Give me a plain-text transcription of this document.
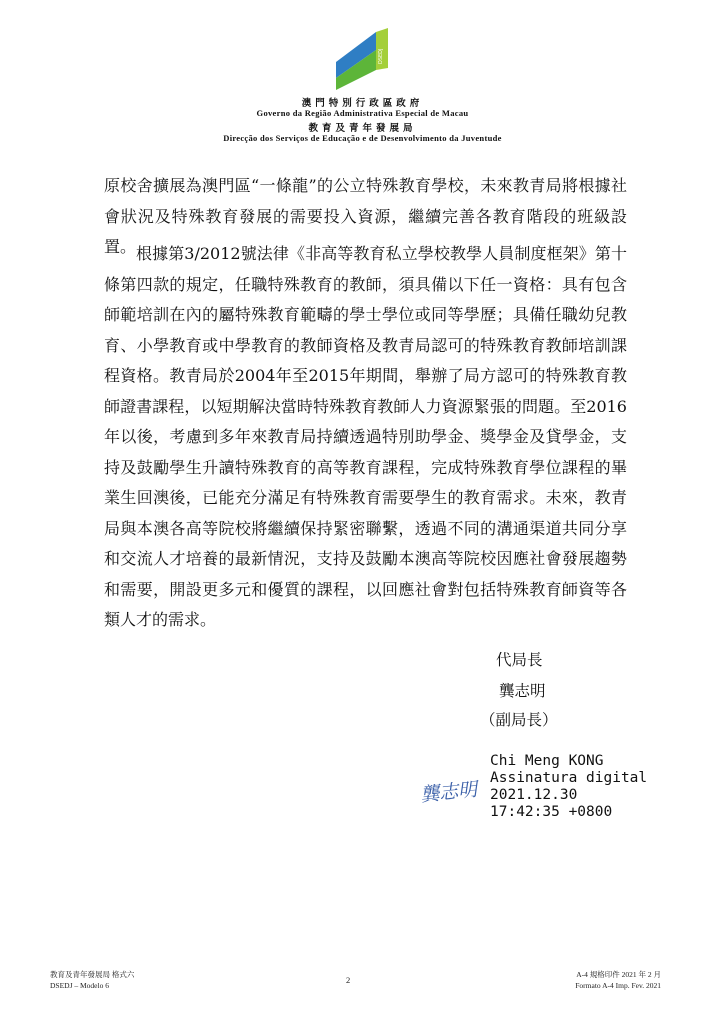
DSEDJ
澳門特別行政區政府
Governo da Região Administrativa Especial de Macau
教育及青年發展局
Direcção dos Serviços de Educação e de Desenvolvimento da Juventude
原校舍擴展為澳門區“一條龍”的公立特殊教育學校，未來教青局將根據社會狀況及特殊教育發展的需要投入資源，繼續完善各教育階段的班級設置。 根據第3/2012號法律《非高等教育私立學校教學人員制度框架》第十條第四款的規定，任職特殊教育的教師，須具備以下任一資格：具有包含師範培訓在內的屬特殊教育範疇的學士學位或同等學歷；具備任職幼兒教育、小學教育或中學教育的教師資格及教青局認可的特殊教育教師培訓課程資格。教青局於2004年至2015年期間，舉辦了局方認可的特殊教育教師證書課程，以短期解決當時特殊教育教師人力資源緊張的問題。至2016年以後，考慮到多年來教青局持續透過特別助學金、獎學金及貸學金，支持及鼓勵學生升讀特殊教育的高等教育課程，完成特殊教育學位課程的畢業生回澳後，已能充分滿足有特殊教育需要學生的教育需求。未來，教青局與本澳各高等院校將繼續保持緊密聯繫，透過不同的溝通渠道共同分享和交流人才培養的最新情況，支持及鼓勵本澳高等院校因應社會發展趨勢和需要，開設更多元和優質的課程，以回應社會對包括特殊教育師資等各類人才的需求。
代局長
龔志明
（副局長）
龔志明
Chi Meng KONG
Assinatura digital
2021.12.30
17:42:35 +0800
教育及青年發展局 格式六
DSEDJ – Modelo 6
2
A-4 規格印件 2021 年 2 月
Formato A-4 Imp. Fev. 2021
